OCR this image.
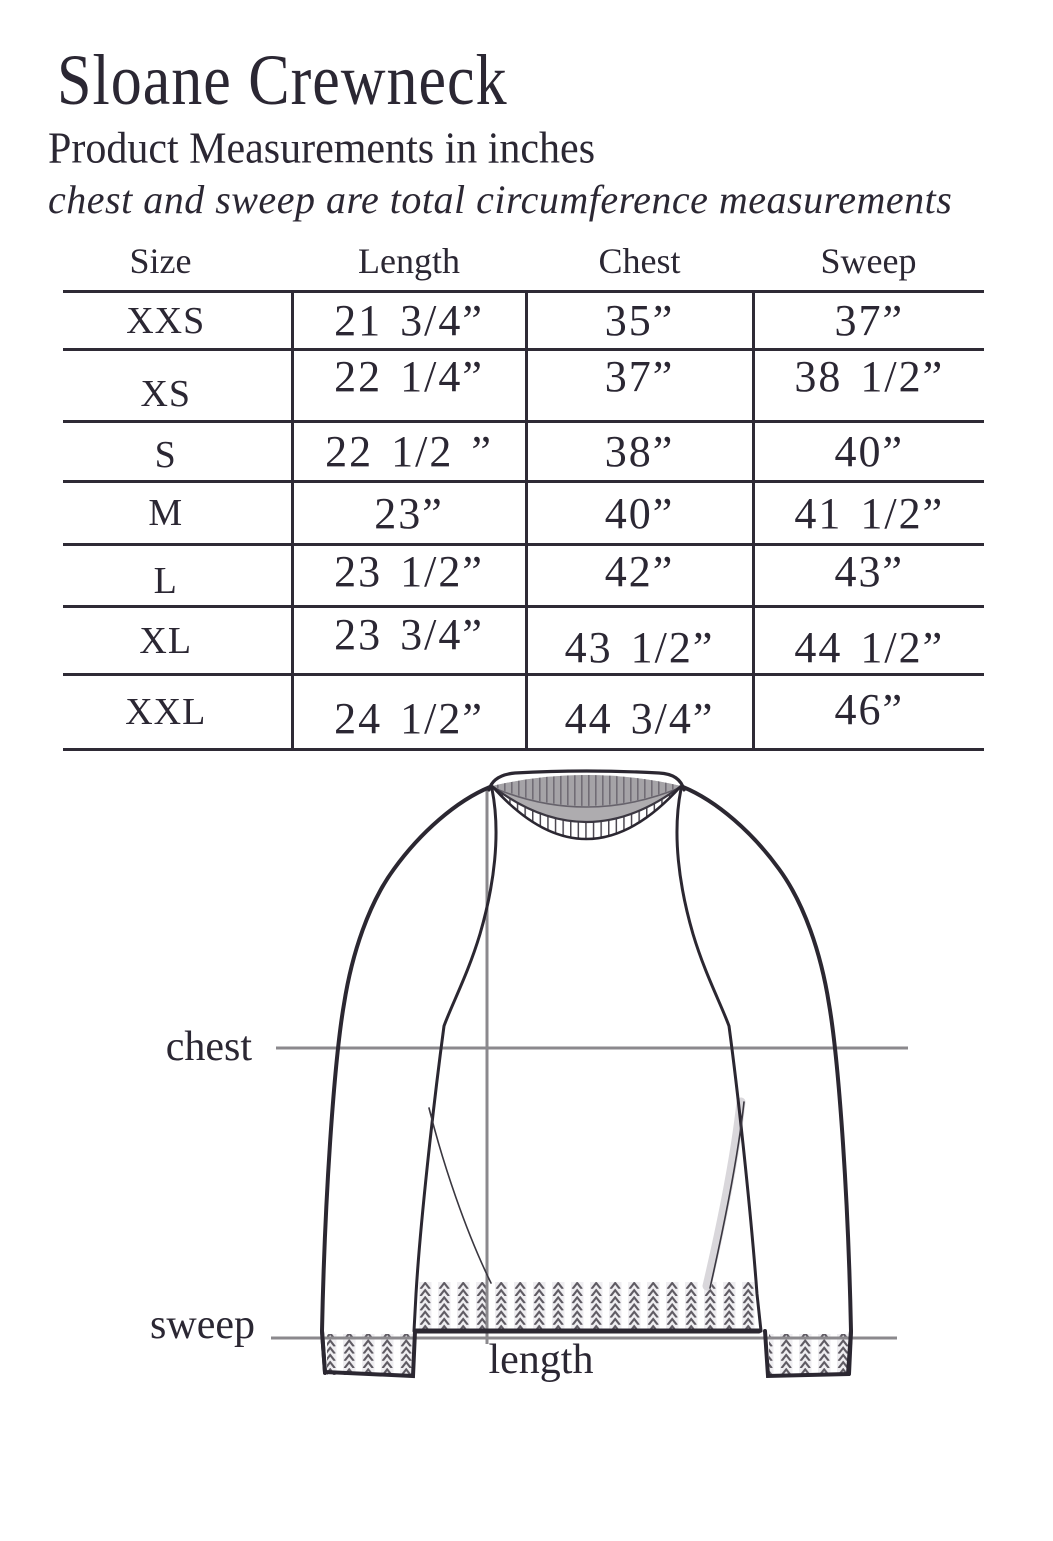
Sloane Crewneck
Product Measurements in inches
chest and sweep are total circumference measurements
Size	Length	Chest	Sweep
XXS	21 3/4”	35”	37”
XS	22 1/4”	37”	38 1/2”
S	22 1/2 ”	38”	40”
M	23”	40”	41 1/2”
L	23 1/2”	42”	43”
XL	23 3/4”	43 1/2”	44 1/2”
XXL	24 1/2”	44 3/4”	46”
chest
sweep
length
